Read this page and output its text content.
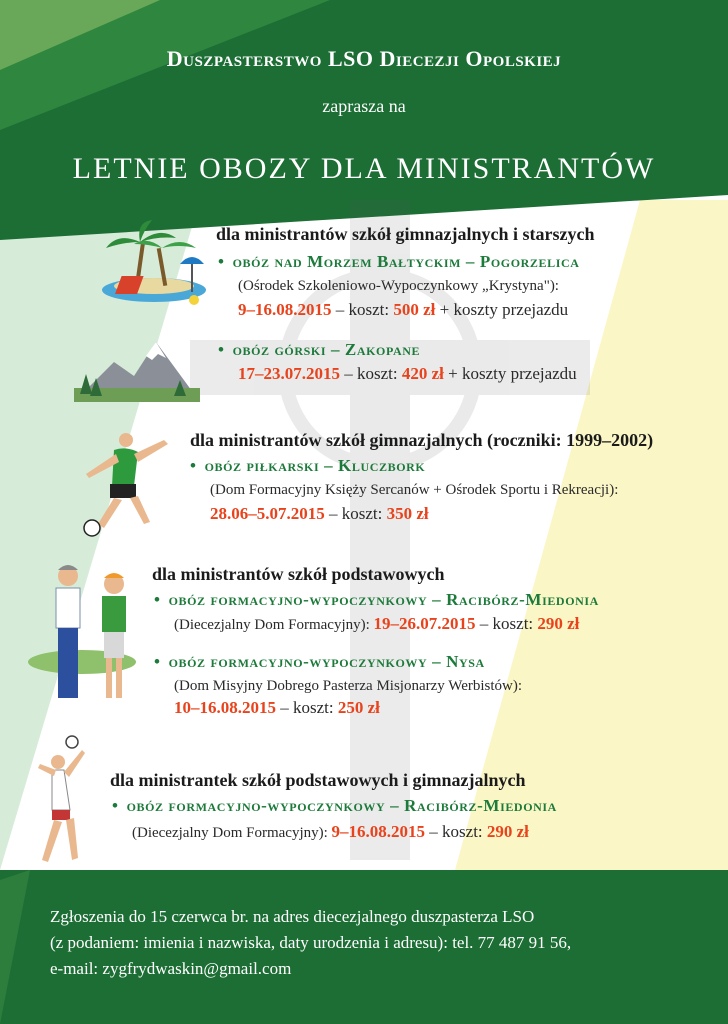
Duszpasterstwo LSO Diecezji Opolskiej
zaprasza na
LETNIE OBOZY DLA MINISTRANTÓW
dla ministrantów szkół gimnazjalnych i starszych
• obóz nad Morzem Bałtyckim – Pogorzelica
(Ośrodek Szkoleniowo-Wypoczynkowy „Krystyna"):
9–16.08.2015 – koszt: 500 zł + koszty przejazdu
• obóz górski – Zakopane
17–23.07.2015 – koszt: 420 zł + koszty przejazdu
dla ministrantów szkół gimnazjalnych (roczniki: 1999–2002)
• obóz piłkarski – Kluczbork
(Dom Formacyjny Księży Sercanów + Ośrodek Sportu i Rekreacji):
28.06–5.07.2015 – koszt: 350 zł
dla ministrantów szkół podstawowych
• obóz formacyjno-wypoczynkowy – Racibórz-Miedonia
(Diecezjalny Dom Formacyjny): 19–26.07.2015 – koszt: 290 zł
• obóz formacyjno-wypoczynkowy – Nysa
(Dom Misyjny Dobrego Pasterza Misjonarzy Werbistów):
10–16.08.2015 – koszt: 250 zł
dla ministrantek szkół podstawowych i gimnazjalnych
• obóz formacyjno-wypoczynkowy – Racibórz-Miedonia
(Diecezjalny Dom Formacyjny): 9–16.08.2015 – koszt: 290 zł
Zgłoszenia do 15 czerwca br. na adres diecezjalnego duszpasterza LSO
(z podaniem: imienia i nazwiska, daty urodzenia i adresu): tel. 77 487 91 56,
e-mail: zygfrydwaskin@gmail.com
